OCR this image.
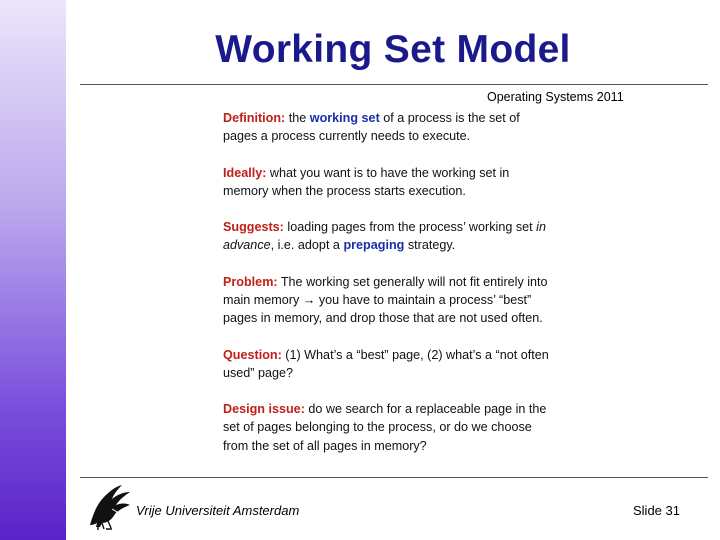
Working Set Model
Operating Systems 2011
Definition: the working set of a process is the set of pages a process currently needs to execute.
Ideally: what you want is to have the working set in memory when the process starts execution.
Suggests: loading pages from the process’ working set in advance, i.e. adopt a prepaging strategy.
Problem: The working set generally will not fit entirely into main memory → you have to maintain a process’ “best” pages in memory, and drop those that are not used often.
Question: (1) What’s a “best” page, (2) what’s a “not often used” page?
Design issue: do we search for a replaceable page in the set of pages belonging to the process, or do we choose from the set of all pages in memory?
Vrije Universiteit Amsterdam	Slide 31
